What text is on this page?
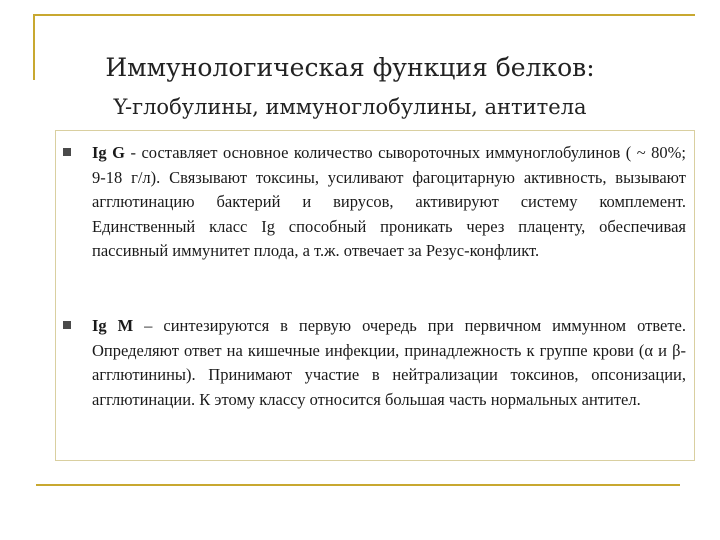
Иммунологическая функция белков:
Y-глобулины, иммуноглобулины, антитела
Ig G - составляет основное количество сывороточных иммуноглобулинов ( ~ 80%; 9-18 г/л). Связывают токсины, усиливают фагоцитарную активность, вызывают агглютинацию бактерий и вирусов, активируют систему комплемент. Единственный класс Ig способный проникать через плаценту, обеспечивая пассивный иммунитет плода, а т.ж. отвечает за Резус-конфликт.
Ig M – синтезируются в первую очередь при первичном иммунном ответе. Определяют ответ на кишечные инфекции, принадлежность к группе крови (α и β-агглютинины). Принимают участие в нейтрализации токсинов, опсонизации, агглютинации. К этому классу относится большая часть нормальных антител.
